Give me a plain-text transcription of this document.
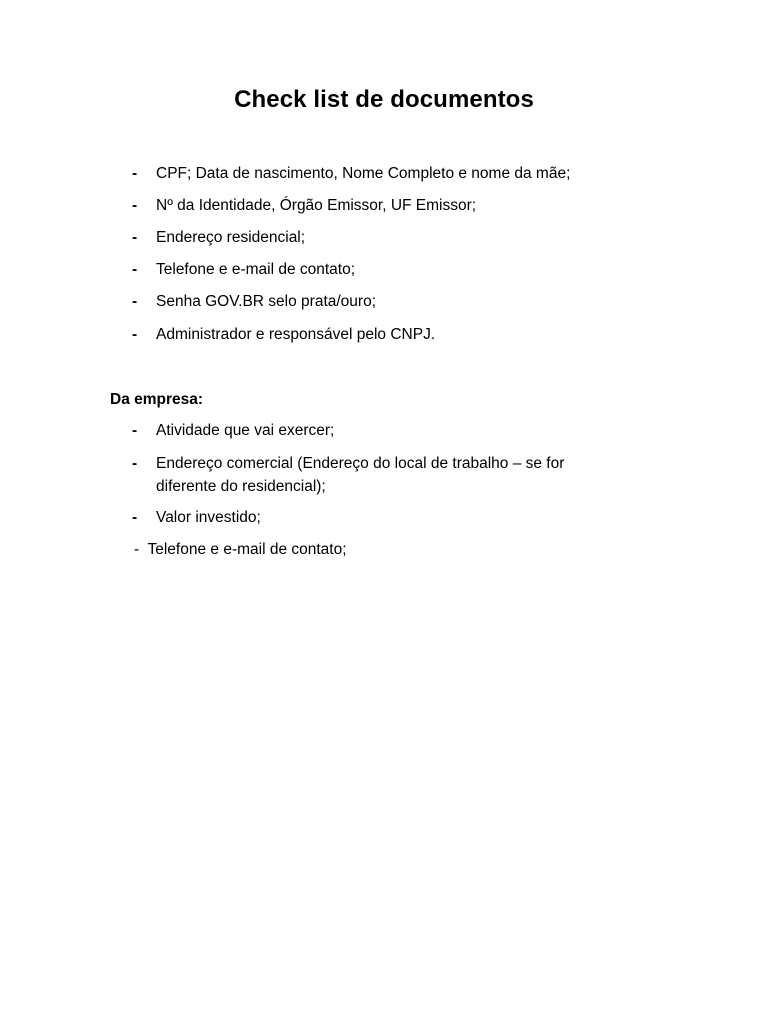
Check list de documentos
- CPF; Data de nascimento, Nome Completo e nome da mãe;
- Nº da Identidade, Órgão Emissor, UF Emissor;
- Endereço residencial;
- Telefone e e-mail de contato;
- Senha GOV.BR selo prata/ouro;
- Administrador e responsável pelo CNPJ.
Da empresa:
- Atividade que vai exercer;
- Endereço comercial (Endereço do local de trabalho – se for diferente do residencial);
- Valor investido;
-  Telefone e e-mail de contato;
